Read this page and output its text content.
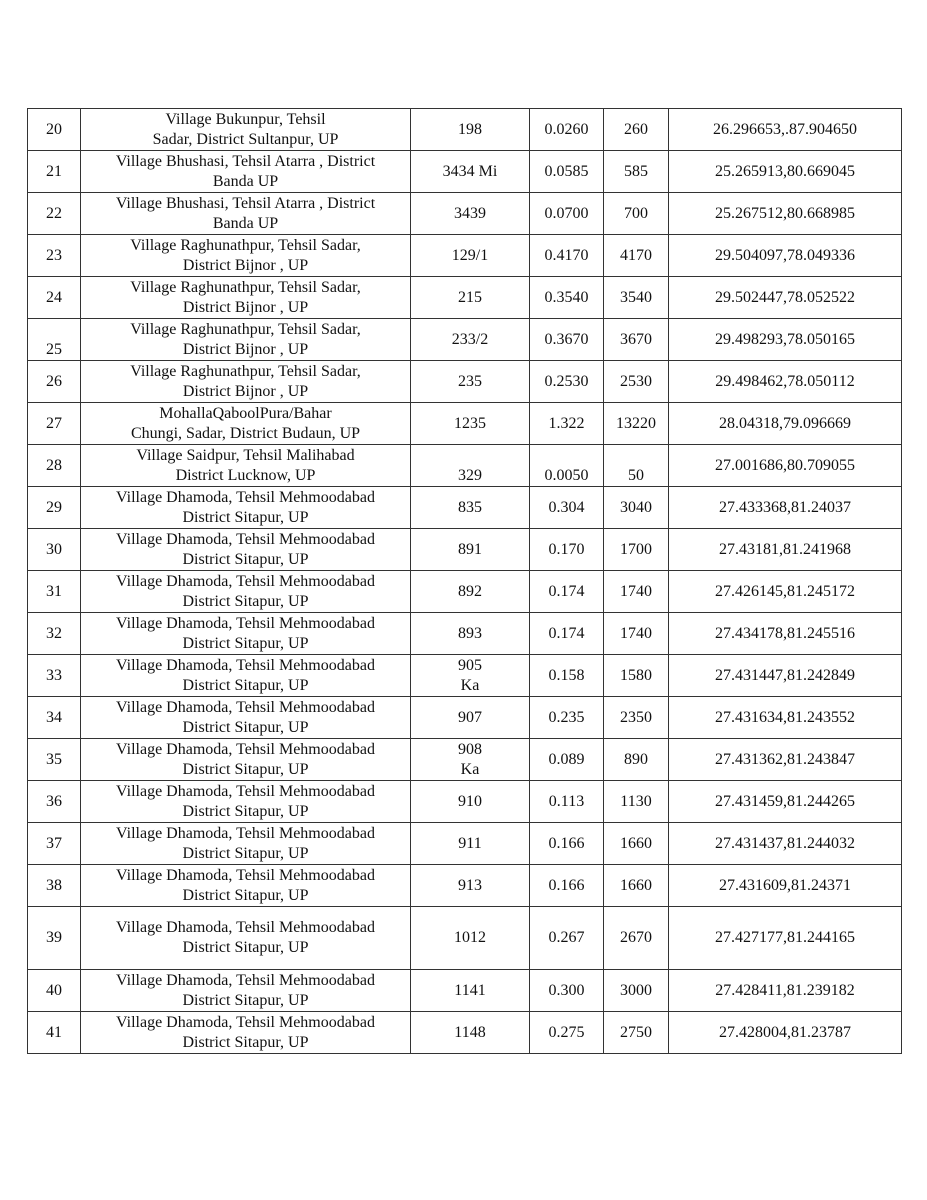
20	Village Bukunpur, Tehsil
Sadar, District Sultanpur, UP	198	0.0260	260	26.296653,.87.904650
21	Village Bhushasi, Tehsil Atarra , District
Banda UP	3434 Mi	0.0585	585	25.265913,80.669045
22	Village Bhushasi, Tehsil Atarra , District
Banda UP	3439	0.0700	700	25.267512,80.668985
23	Village Raghunathpur, Tehsil Sadar,
District Bijnor , UP	129/1	0.4170	4170	29.504097,78.049336
24	Village Raghunathpur, Tehsil Sadar,
District Bijnor , UP	215	0.3540	3540	29.502447,78.052522
25	Village Raghunathpur, Tehsil Sadar,
District Bijnor , UP	233/2	0.3670	3670	29.498293,78.050165
26	Village Raghunathpur, Tehsil Sadar,
District Bijnor , UP	235	0.2530	2530	29.498462,78.050112
27	MohallaQaboolPura/Bahar
Chungi, Sadar, District Budaun, UP	1235	1.322	13220	28.04318,79.096669
28	Village Saidpur, Tehsil Malihabad
District Lucknow, UP	329	0.0050	50	27.001686,80.709055
29	Village Dhamoda, Tehsil Mehmoodabad
District Sitapur, UP	835	0.304	3040	27.433368,81.24037
30	Village Dhamoda, Tehsil Mehmoodabad
District Sitapur, UP	891	0.170	1700	27.43181,81.241968
31	Village Dhamoda, Tehsil Mehmoodabad
District Sitapur, UP	892	0.174	1740	27.426145,81.245172
32	Village Dhamoda, Tehsil Mehmoodabad
District Sitapur, UP	893	0.174	1740	27.434178,81.245516
33	Village Dhamoda, Tehsil Mehmoodabad
District Sitapur, UP	905
Ka	0.158	1580	27.431447,81.242849
34	Village Dhamoda, Tehsil Mehmoodabad
District Sitapur, UP	907	0.235	2350	27.431634,81.243552
35	Village Dhamoda, Tehsil Mehmoodabad
District Sitapur, UP	908
Ka	0.089	890	27.431362,81.243847
36	Village Dhamoda, Tehsil Mehmoodabad
District Sitapur, UP	910	0.113	1130	27.431459,81.244265
37	Village Dhamoda, Tehsil Mehmoodabad
District Sitapur, UP	911	0.166	1660	27.431437,81.244032
38	Village Dhamoda, Tehsil Mehmoodabad
District Sitapur, UP	913	0.166	1660	27.431609,81.24371
39	Village Dhamoda, Tehsil Mehmoodabad
District Sitapur, UP	1012	0.267	2670	27.427177,81.244165
40	Village Dhamoda, Tehsil Mehmoodabad
District Sitapur, UP	1141	0.300	3000	27.428411,81.239182
41	Village Dhamoda, Tehsil Mehmoodabad
District Sitapur, UP	1148	0.275	2750	27.428004,81.23787
